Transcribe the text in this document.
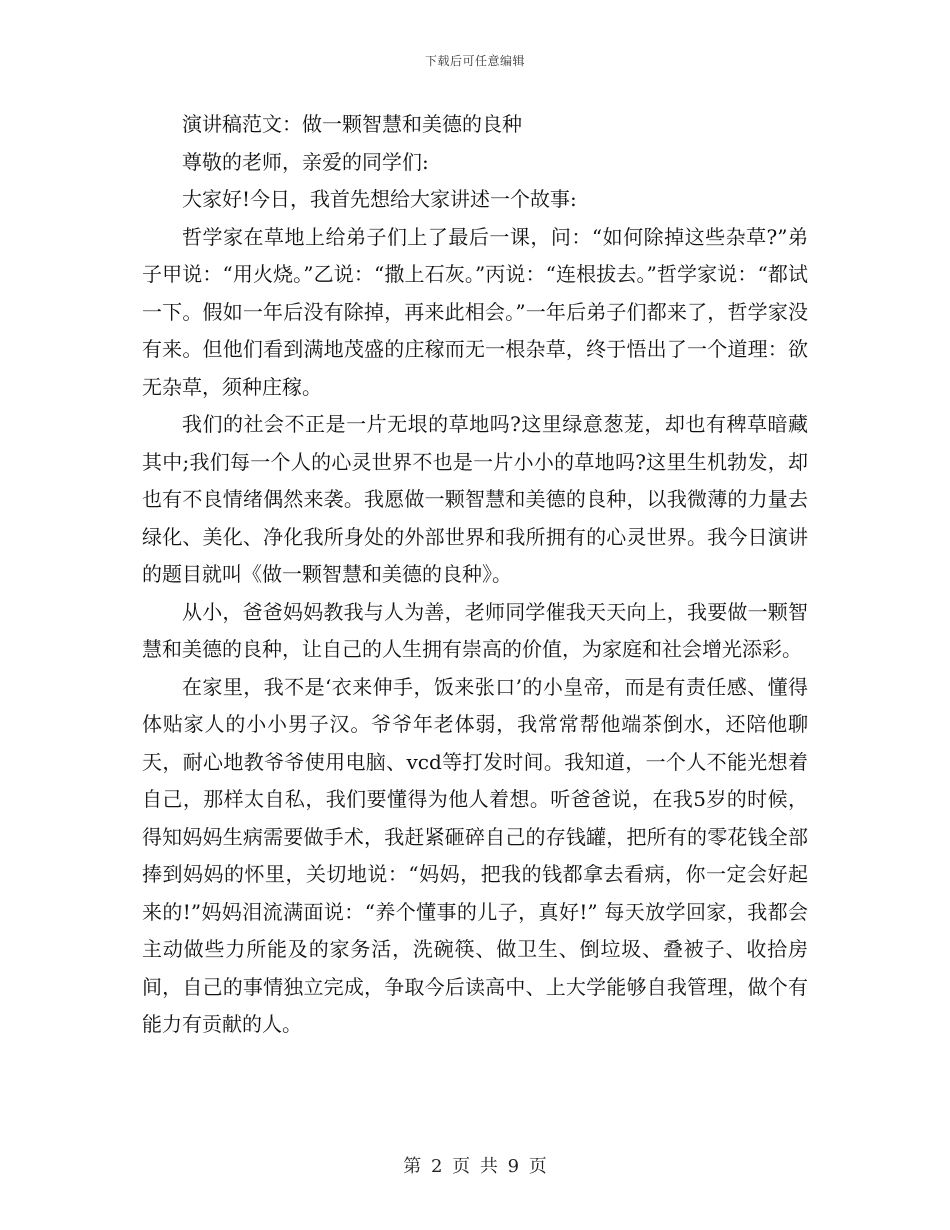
下载后可任意编辑

演讲稿范文：做一颗智慧和美德的良种

尊敬的老师，亲爱的同学们:

大家好!今日，我首先想给大家讲述一个故事:

哲学家在草地上给弟子们上了最后一课，问：“如何除掉这些杂草?”弟子甲说：“用火烧。”乙说：“撒上石灰。”丙说：“连根拔去。”哲学家说：“都试一下。假如一年后没有除掉，再来此相会。”一年后弟子们都来了，哲学家没有来。但他们看到满地茂盛的庄稼而无一根杂草，终于悟出了一个道理：欲无杂草，须种庄稼。

我们的社会不正是一片无垠的草地吗?这里绿意葱茏，却也有稗草暗藏其中;我们每一个人的心灵世界不也是一片小小的草地吗?这里生机勃发，却也有不良情绪偶然来袭。我愿做一颗智慧和美德的良种，以我微薄的力量去绿化、美化、净化我所身处的外部世界和我所拥有的心灵世界。我今日演讲的题目就叫《做一颗智慧和美德的良种》。

从小，爸爸妈妈教我与人为善，老师同学催我天天向上，我要做一颗智慧和美德的良种，让自己的人生拥有崇高的价值，为家庭和社会增光添彩。

在家里，我不是‘衣来伸手，饭来张口’的小皇帝，而是有责任感、懂得体贴家人的小小男子汉。爷爷年老体弱，我常常帮他端茶倒水，还陪他聊天，耐心地教爷爷使用电脑、vcd等打发时间。我知道，一个人不能光想着自己，那样太自私，我们要懂得为他人着想。听爸爸说，在我5岁的时候，得知妈妈生病需要做手术，我赶紧砸碎自己的存钱罐，把所有的零花钱全部捧到妈妈的怀里，关切地说：“妈妈，把我的钱都拿去看病，你一定会好起来的!”妈妈泪流满面说：“养个懂事的儿子，真好!” 每天放学回家，我都会主动做些力所能及的家务活，洗碗筷、做卫生、倒垃圾、叠被子、收拾房间，自己的事情独立完成，争取今后读高中、上大学能够自我管理，做个有能力有贡献的人。

第 2 页 共 9 页
